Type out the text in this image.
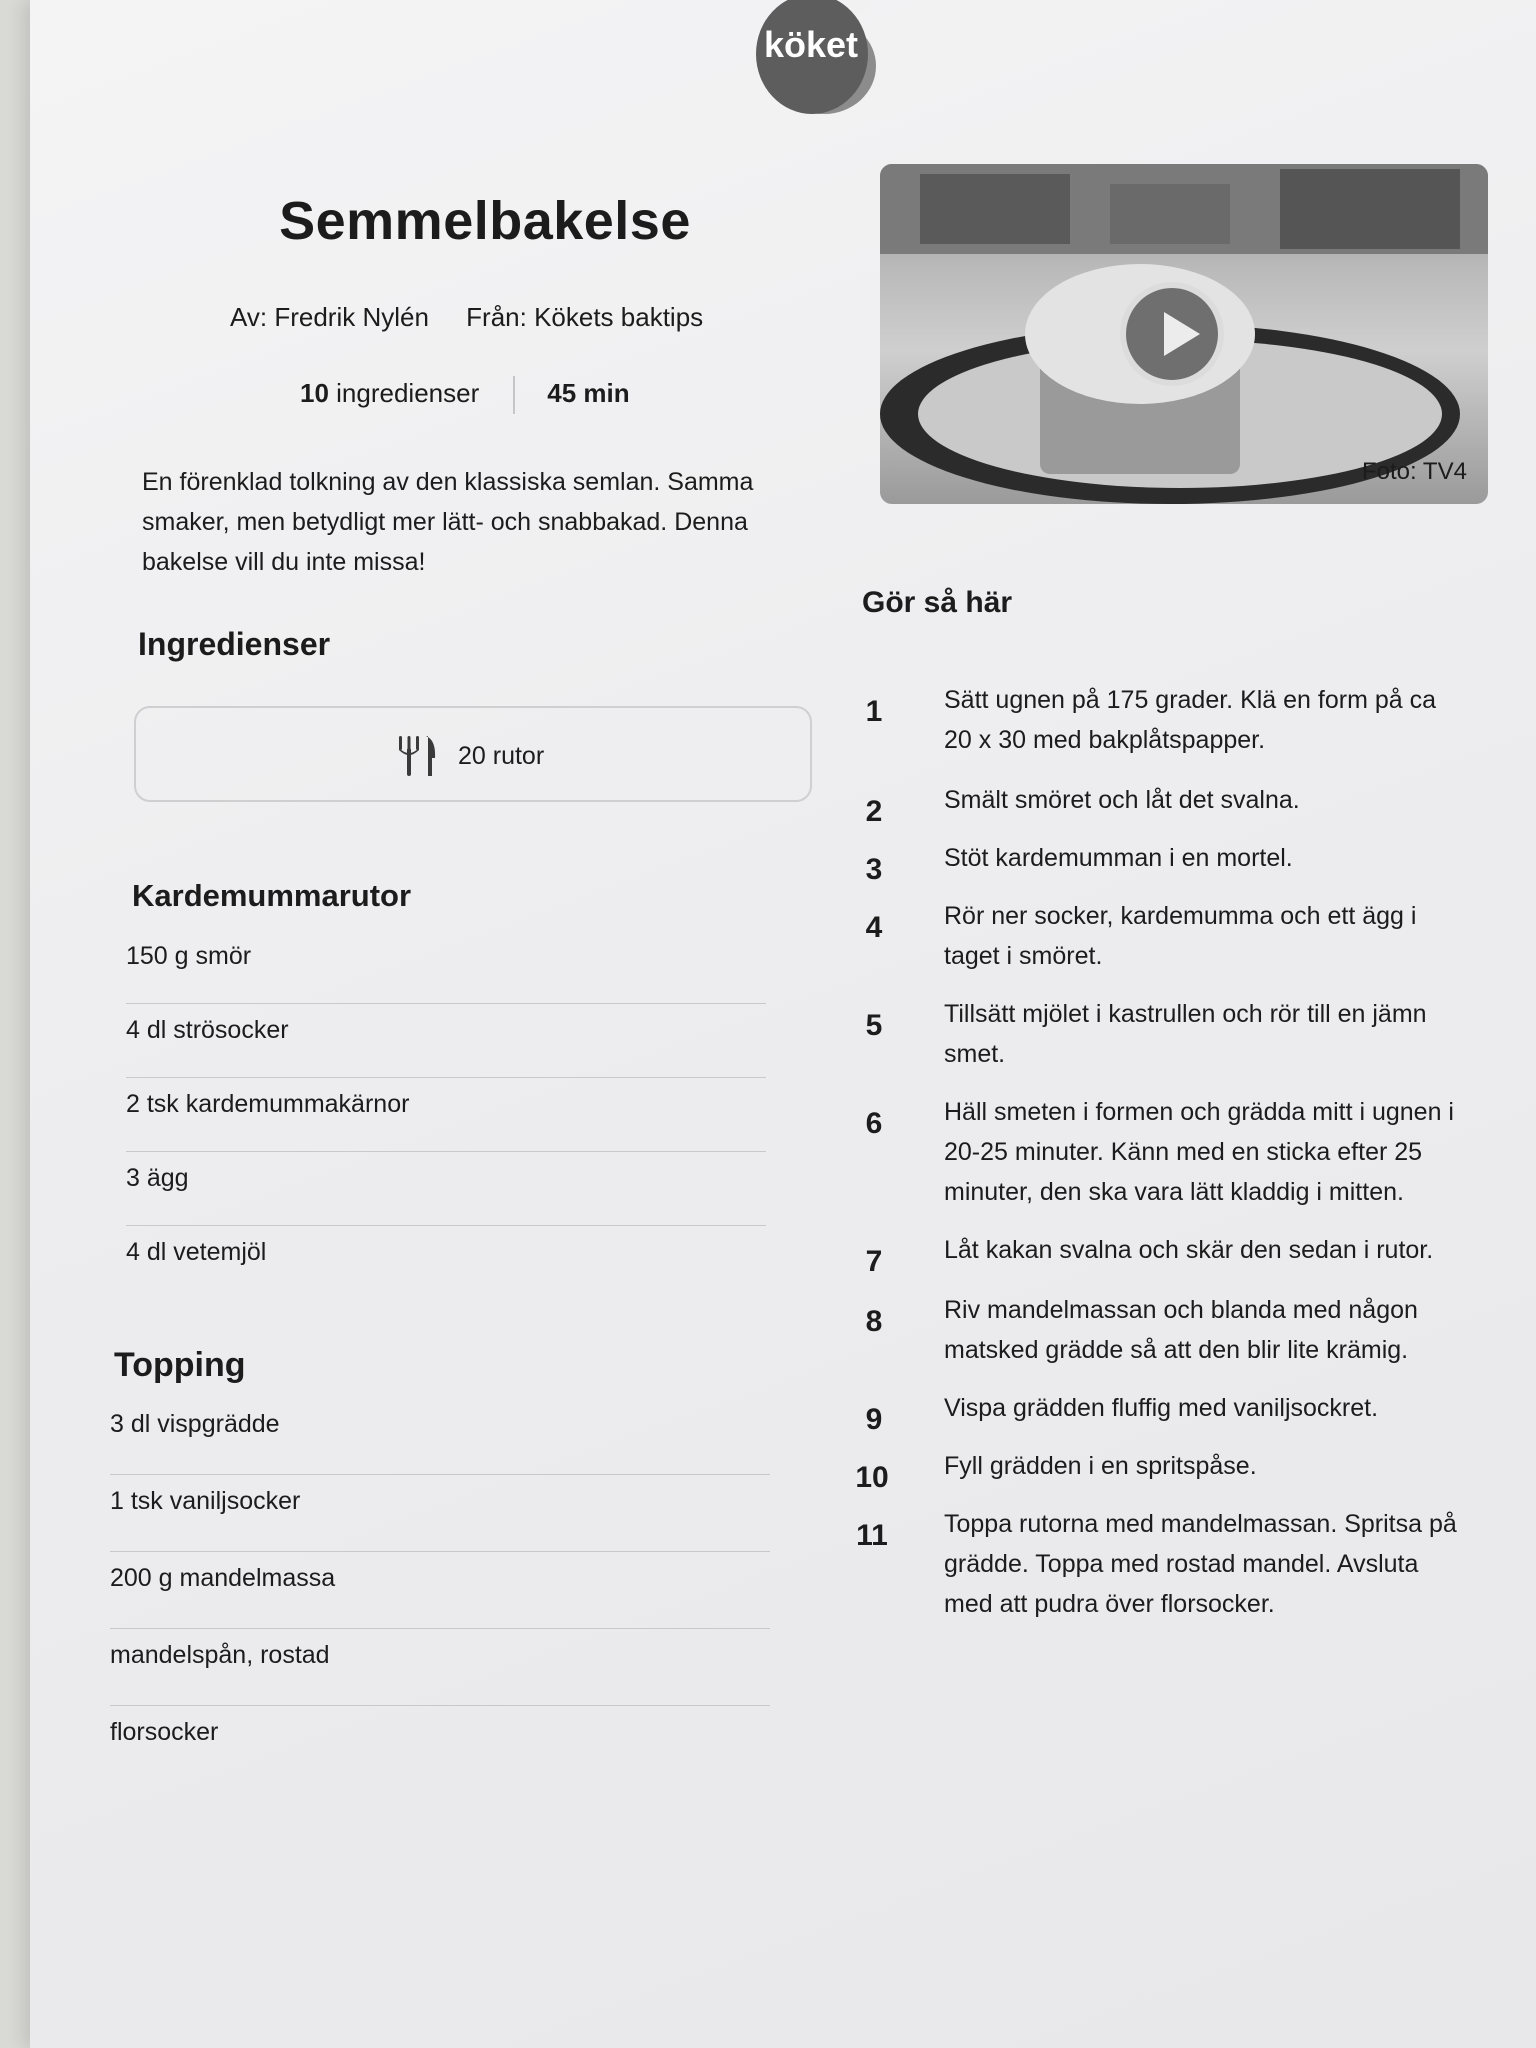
köket
Semmelbakelse
Av: Fredrik Nylén Från: Kökets baktips
10 ingredienser	45 min
En förenklad tolkning av den klassiska semlan. Samma smaker, men betydligt mer lätt- och snabbakad. Denna bakelse vill du inte missa!
Ingredienser
20 rutor
Kardemummarutor
150 g smör
4 dl strösocker
2 tsk kardemummakärnor
3 ägg
4 dl vetemjöl
Topping
3 dl vispgrädde
1 tsk vaniljsocker
200 g mandelmassa
mandelspån, rostad
florsocker
Foto: TV4
Gör så här
1	Sätt ugnen på 175 grader. Klä en form på ca 20 x 30 med bakplåtspapper.
2	Smält smöret och låt det svalna.
3	Stöt kardemumman i en mortel.
4	Rör ner socker, kardemumma och ett ägg i taget i smöret.
5	Tillsätt mjölet i kastrullen och rör till en jämn smet.
6	Häll smeten i formen och grädda mitt i ugnen i 20-25 minuter. Känn med en sticka efter 25 minuter, den ska vara lätt kladdig i mitten.
7	Låt kakan svalna och skär den sedan i rutor.
8	Riv mandelmassan och blanda med någon matsked grädde så att den blir lite krämig.
9	Vispa grädden fluffig med vaniljsockret.
10	Fyll grädden i en spritspåse.
11	Toppa rutorna med mandelmassan. Spritsa på grädde. Toppa med rostad mandel. Avsluta med att pudra över florsocker.
